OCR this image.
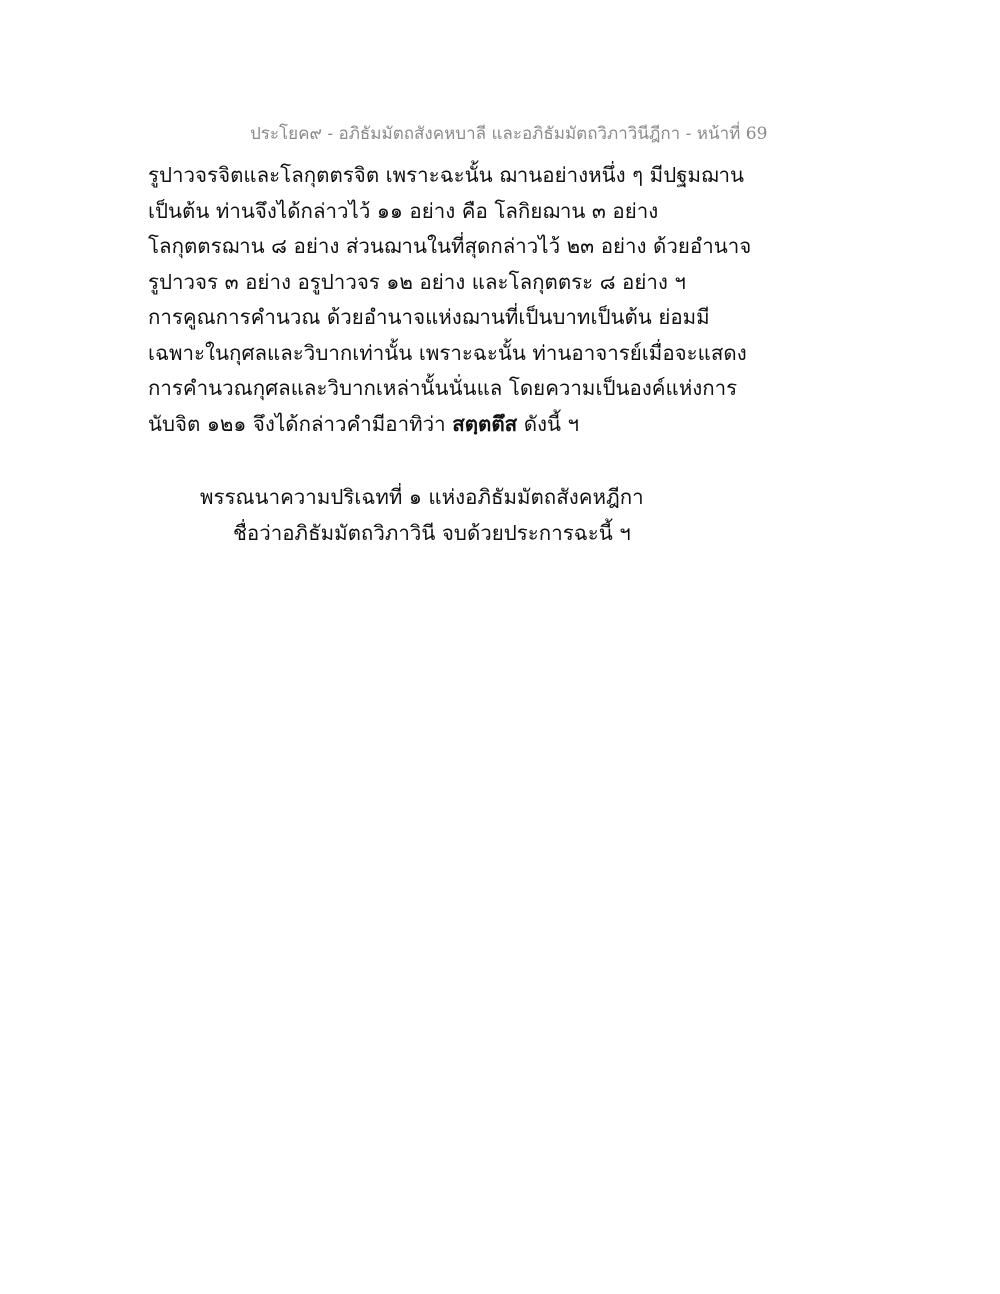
ประโยค๙ - อภิธัมมัตถสังคหบาลี และอภิธัมมัตถวิภาวินีฎีกา - หน้าที่ 69
รูปาวจรจิตและโลกุตตรจิต เพราะฉะนั้น ฌานอย่างหนึ่ง ๆ มีปฐมฌาน
เป็นต้น ท่านจึงได้กล่าวไว้ ๑๑ อย่าง คือ โลกิยฌาน ๓ อย่าง
โลกุตตรฌาน ๘ อย่าง ส่วนฌานในที่สุดกล่าวไว้ ๒๓ อย่าง ด้วยอำนาจ
รูปาวจร ๓ อย่าง อรูปาวจร ๑๒ อย่าง และโลกุตตระ ๘ อย่าง ฯ
การคูณการคำนวณ ด้วยอำนาจแห่งฌานที่เป็นบาทเป็นต้น ย่อมมี
เฉพาะในกุศลและวิบากเท่านั้น เพราะฉะนั้น ท่านอาจารย์เมื่อจะแสดง
การคำนวณกุศลและวิบากเหล่านั้นนั่นแล โดยความเป็นองค์แห่งการ
นับจิต ๑๒๑ จึงได้กล่าวคำมีอาทิว่า สตฺตตึส ดังนี้ ฯ
พรรณนาความปริเฉทที่ ๑ แห่งอภิธัมมัตถสังคหฎีกา
ชื่อว่าอภิธัมมัตถวิภาวินี จบด้วยประการฉะนี้ ฯ
